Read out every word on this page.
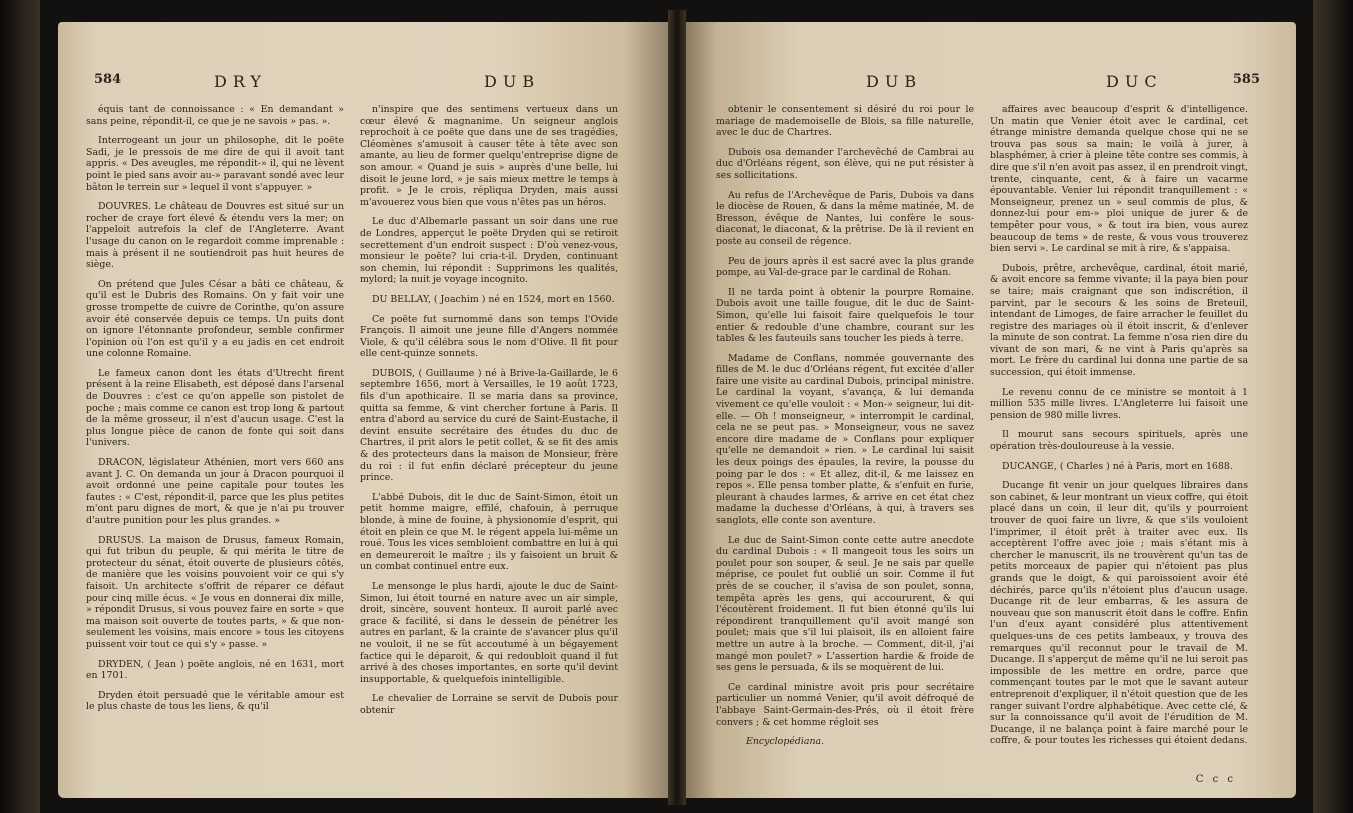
584	DRY	DUB

équis tant de connoissance : « En demandant » sans peine, répondit-il, ce que je ne savois » pas. ».

Interrogeant un jour un philosophe, dit le poëte Sadi, je le pressois de me dire de qui il avoit tant appris. « Des aveugles, me répondit-» il, qui ne lèvent point le pied sans avoir au-» paravant sondé avec leur bâton le terrein sur » lequel il vont s'appuyer. »

DOUVRES. Le château de Douvres est situé sur un rocher de craye fort élevé & étendu vers la mer; on l'appeloit autrefois la clef de l'Angleterre. Avant l'usage du canon on le regardoit comme imprenable : mais à présent il ne soutiendroit pas huit heures de siège.

On prétend que Jules César a bâti ce château, & qu'il est le Dubris des Romains. On y fait voir une grosse trompette de cuivre de Corinthe, qu'on assure avoir été conservée depuis ce temps. Un puits dont on ignore l'étonnante profondeur, semble confirmer l'opinion où l'on est qu'il y a eu jadis en cet endroit une colonne Romaine.

Le fameux canon dont les états d'Utrecht firent présent à la reine Elisabeth, est déposé dans l'arsenal de Douvres : c'est ce qu'on appelle son pistolet de poche ; mais comme ce canon est trop long & partout de la même grosseur, il n'est d'aucun usage. C'est la plus longue pièce de canon de fonte qui soit dans l'univers.

DRACON, législateur Athénien, mort vers 660 ans avant J. C. On demanda un jour à Dracon pourquoi il avoit ordonné une peine capitale pour toutes les fautes : « C'est, répondit-il, parce que les plus petites m'ont paru dignes de mort, & que je n'ai pu trouver d'autre punition pour les plus grandes. »

DRUSUS. La maison de Drusus, fameux Romain, qui fut tribun du peuple, & qui mérita le titre de protecteur du sénat, étoit ouverte de plusieurs côtés, de manière que les voisins pouvoient voir ce qui s'y faisoit. Un architecte s'offrit de réparer ce défaut pour cinq mille écus. « Je vous en donnerai dix mille, » répondit Drusus, si vous pouvez faire en sorte » que ma maison soit ouverte de toutes parts, » & que non-seulement les voisins, mais encore » tous les citoyens puissent voir tout ce qui s'y » passe. »

DRYDEN, ( Jean ) poëte anglois, né en 1631, mort en 1701.

Dryden étoit persuadé que le véritable amour est le plus chaste de tous les liens, & qu'il

n'inspire que des sentimens vertueux dans un cœur élevé & magnanime. Un seigneur anglois reprochoit à ce poëte que dans une de ses tragédies, Cléomènes s'amusoit à causer tête à tête avec son amante, au lieu de former quelqu'entreprise digne de son amour. « Quand je suis » auprès d'une belle, lui disoit le jeune lord, » je sais mieux mettre le temps à profit. » Je le crois, répliqua Dryden, mais aussi m'avouerez vous bien que vous n'êtes pas un héros.

Le duc d'Albemarle passant un soir dans une rue de Londres, apperçut le poëte Dryden qui se retiroit secrettement d'un endroit suspect : D'où venez-vous, monsieur le poëte? lui cria-t-il. Dryden, continuant son chemin, lui répondit : Supprimons les qualités, mylord; la nuit je voyage incognito.

DU BELLAY, ( Joachim ) né en 1524, mort en 1560.

Ce poëte fut surnommé dans son temps l'Ovide François. Il aimoit une jeune fille d'Angers nommée Viole, & qu'il célébra sous le nom d'Olive. Il fit pour elle cent-quinze sonnets.

DUBOIS, ( Guillaume ) né à Brive-la-Gaillarde, le 6 septembre 1656, mort à Versailles, le 19 août 1723, fils d'un apothicaire. Il se maria dans sa province, quitta sa femme, & vint chercher fortune à Paris. Il entra d'abord au service du curé de Saint-Eustache, il devint ensuite secrétaire des études du duc de Chartres, il prit alors le petit collet, & se fit des amis & des protecteurs dans la maison de Monsieur, frère du roi : il fut enfin déclaré précepteur du jeune prince.

L'abbé Dubois, dit le duc de Saint-Simon, étoit un petit homme maigre, effilé, chafouin, à perruque blonde, à mine de fouine, à physionomie d'esprit, qui étoit en plein ce que M. le régent appela lui-même un roué. Tous les vices sembloient combattre en lui à qui en demeureroit le maître ; ils y faisoient un bruit & un combat continuel entre eux.

Le mensonge le plus hardi, ajoute le duc de Saint-Simon, lui étoit tourné en nature avec un air simple, droit, sincère, souvent honteux. Il auroit parlé avec grace & facilité, si dans le dessein de pénétrer les autres en parlant, & la crainte de s'avancer plus qu'il ne vouloit, il ne se fût accoutumé à un bégayement factice qui le déparoit, & qui redoubloit quand il fut arrivé à des choses importantes, en sorte qu'il devint insupportable, & quelquefois inintelligible.

Le chevalier de Lorraine se servit de Dubois pour obtenir

DUB	DUC	585

obtenir le consentement si désiré du roi pour le mariage de mademoiselle de Blois, sa fille naturelle, avec le duc de Chartres.

Dubois osa demander l'archevêché de Cambrai au duc d'Orléans régent, son élève, qui ne put résister à ses sollicitations.

Au refus de l'Archevêque de Paris, Dubois va dans le diocèse de Rouen, & dans la même matinée, M. de Bresson, évêque de Nantes, lui confère le sous-diaconat, le diaconat, & la prêtrise. De là il revient en poste au conseil de régence.

Peu de jours après il est sacré avec la plus grande pompe, au Val-de-grace par le cardinal de Rohan.

Il ne tarda point à obtenir la pourpre Romaine. Dubois avoit une taille fougue, dit le duc de Saint-Simon, qu'elle lui faisoit faire quelquefois le tour entier & redouble d'une chambre, courant sur les tables & les fauteuils sans toucher les pieds à terre.

Madame de Conflans, nommée gouvernante des filles de M. le duc d'Orléans régent, fut excitée d'aller faire une visite au cardinal Dubois, principal ministre. Le cardinal la voyant, s'avança, & lui demanda vivement ce qu'elle vouloit : « Mon-» seigneur, lui dit-elle. — Oh ! monseigneur, » interrompit le cardinal, cela ne se peut pas. » Monseigneur, vous ne savez encore dire madame de » Conflans pour expliquer qu'elle ne demandoit » rien. » Le cardinal lui saisit les deux poings des épaules, la revire, la pousse du poing par le dos : « Et allez, dit-il, & me laissez en repos ». Elle pensa tomber platte, & s'enfuit en furie, pleurant à chaudes larmes, & arrive en cet état chez madame la duchesse d'Orléans, à qui, à travers ses sanglots, elle conte son aventure.

Le duc de Saint-Simon conte cette autre anecdote du cardinal Dubois : « Il mangeoit tous les soirs un poulet pour son souper, & seul. Je ne sais par quelle méprise, ce poulet fut oublié un soir. Comme il fut près de se coucher, il s'avisa de son poulet, sonna, tempêta après les gens, qui accoururent, & qui l'écoutèrent froidement. Il fut bien étonné qu'ils lui répondirent tranquillement qu'il avoit mangé son poulet; mais que s'il lui plaisoit, ils en alloient faire mettre un autre à la broche. — Comment, dit-il, j'ai mangé mon poulet? » L'assertion hardie & froide de ses gens le persuada, & ils se moquèrent de lui.

Ce cardinal ministre avoit pris pour secrétaire particulier un nommé Venier, qu'il avoit défroqué de l'abbaye Saint-Germain-des-Prés, où il étoit frère convers ; & cet homme régloit ses

Encyclopédiana.

affaires avec beaucoup d'esprit & d'intelligence. Un matin que Venier étoit avec le cardinal, cet étrange ministre demanda quelque chose qui ne se trouva pas sous sa main; le voilà à jurer, à blasphémer, à crier à pleine tête contre ses commis, à dire que s'il n'en avoit pas assez, il en prendroit vingt, trente, cinquante, cent, & à faire un vacarme épouvantable. Venier lui répondit tranquillement : « Monseigneur, prenez un » seul commis de plus, & donnez-lui pour em-» ploi unique de jurer & de tempêter pour vous, » & tout ira bien, vous aurez beaucoup de tems » de reste, & vous vous trouverez bien servi ». Le cardinal se mit à rire, & s'appaisa.

Dubois, prêtre, archevêque, cardinal, étoit marié, & avoit encore sa femme vivante; il la paya bien pour se taire; mais craignant que son indiscrétion, il parvint, par le secours & les soins de Breteuil, intendant de Limoges, de faire arracher le feuillet du registre des mariages où il étoit inscrit, & d'enlever la minute de son contrat. La femme n'osa rien dire du vivant de son mari, & ne vint à Paris qu'après sa mort. Le frère du cardinal lui donna une partie de sa succession, qui étoit immense.

Le revenu connu de ce ministre se montoit à 1 million 535 mille livres. L'Angleterre lui faisoit une pension de 980 mille livres.

Il mourut sans secours spirituels, après une opération très-douloureuse à la vessie.

DUCANGE, ( Charles ) né à Paris, mort en 1688.

Ducange fit venir un jour quelques libraires dans son cabinet, & leur montrant un vieux coffre, qui étoit placé dans un coin, il leur dit, qu'ils y pourroient trouver de quoi faire un livre, & que s'ils vouloient l'imprimer, il étoit prêt à traiter avec eux. Ils acceptèrent l'offre avec joie ; mais s'étant mis à chercher le manuscrit, ils ne trouvèrent qu'un tas de petits morceaux de papier qui n'étoient pas plus grands que le doigt, & qui paroissoient avoir été déchirés, parce qu'ils n'étoient plus d'aucun usage. Ducange rit de leur embarras, & les assura de nouveau que son manuscrit étoit dans le coffre. Enfin l'un d'eux ayant considéré plus attentivement quelques-uns de ces petits lambeaux, y trouva des remarques qu'il reconnut pour le travail de M. Ducange. Il s'apperçut de même qu'il ne lui seroit pas impossible de les mettre en ordre, parce que commençant toutes par le mot que le savant auteur entreprenoit d'expliquer, il n'étoit question que de les ranger suivant l'ordre alphabétique. Avec cette clé, & sur la connoissance qu'il avoit de l'érudition de M. Ducange, il ne balança point à faire marché pour le coffre, & pour toutes les richesses qui étoient dedans.

C c c
